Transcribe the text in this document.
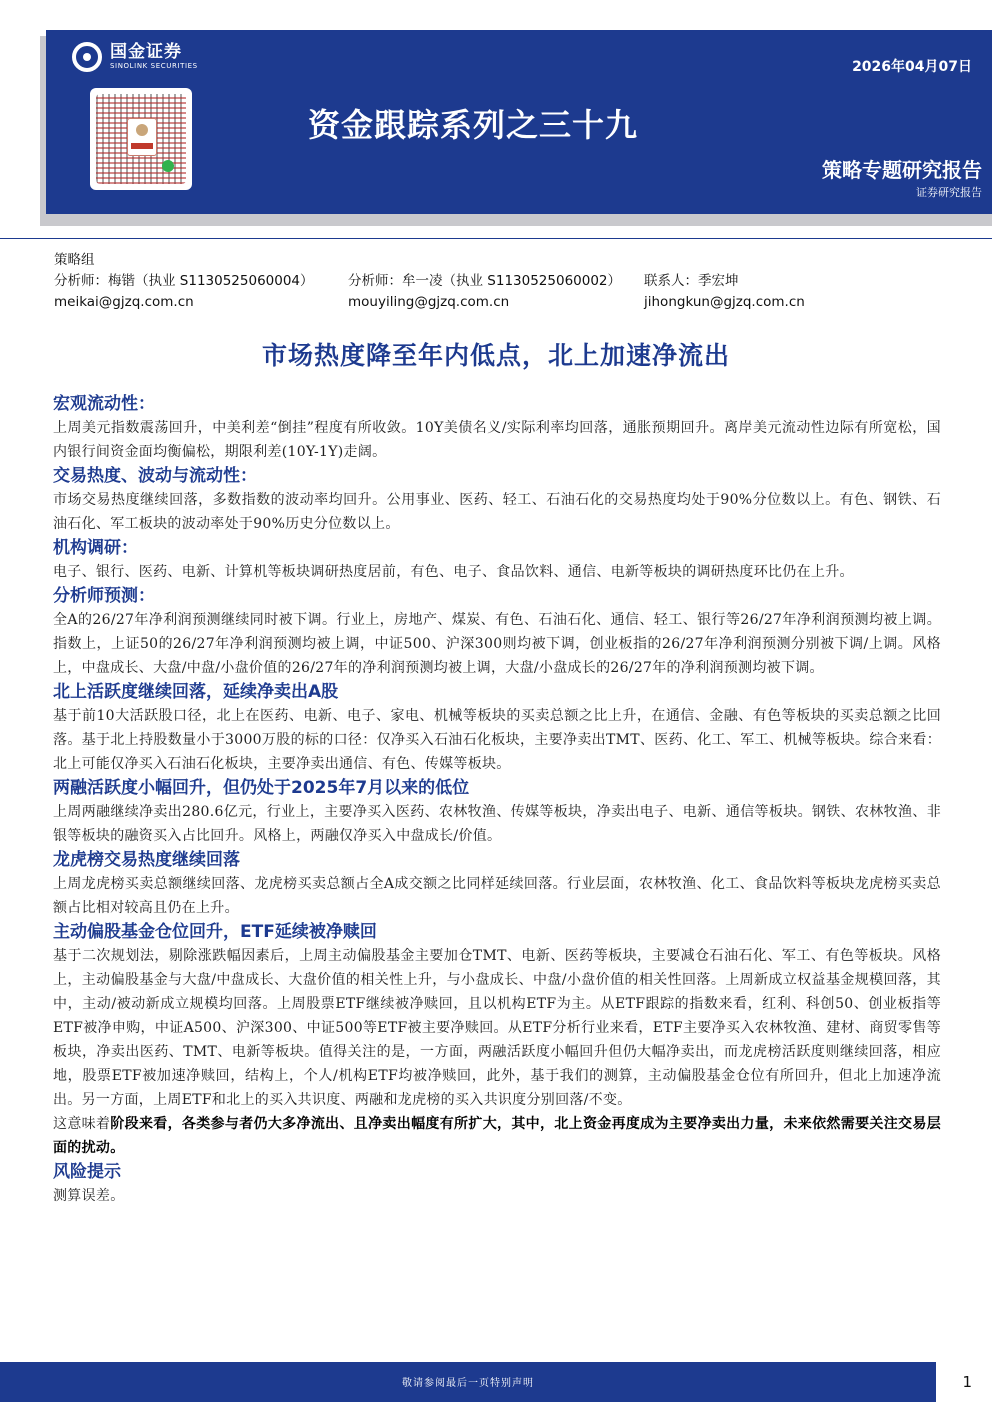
国金证券
SINOLINK SECURITIES	2026年04月07日
资金跟踪系列之三十九
策略专题研究报告
证券研究报告
策略组
分析师：梅锴（执业 S1130525060004）	分析师：牟一凌（执业 S1130525060002）	联系人：季宏坤
meikai@gjzq.com.cn	mouyiling@gjzq.com.cn	jihongkun@gjzq.com.cn
市场热度降至年内低点，北上加速净流出
宏观流动性：
上周美元指数震荡回升，中美利差“倒挂”程度有所收敛。10Y美债名义/实际利率均回落，通胀预期回升。离岸美元流动性边际有所宽松，国内银行间资金面均衡偏松，期限利差(10Y-1Y)走阔。
交易热度、波动与流动性：
市场交易热度继续回落，多数指数的波动率均回升。公用事业、医药、轻工、石油石化的交易热度均处于90%分位数以上。有色、钢铁、石油石化、军工板块的波动率处于90%历史分位数以上。
机构调研：
电子、银行、医药、电新、计算机等板块调研热度居前，有色、电子、食品饮料、通信、电新等板块的调研热度环比仍在上升。
分析师预测：
全A的26/27年净利润预测继续同时被下调。行业上，房地产、煤炭、有色、石油石化、通信、轻工、银行等26/27年净利润预测均被上调。指数上，上证50的26/27年净利润预测均被上调，中证500、沪深300则均被下调，创业板指的26/27年净利润预测分别被下调/上调。风格上，中盘成长、大盘/中盘/小盘价值的26/27年的净利润预测均被上调，大盘/小盘成长的26/27年的净利润预测均被下调。
北上活跃度继续回落，延续净卖出A股
基于前10大活跃股口径，北上在医药、电新、电子、家电、机械等板块的买卖总额之比上升，在通信、金融、有色等板块的买卖总额之比回落。基于北上持股数量小于3000万股的标的口径：仅净买入石油石化板块，主要净卖出TMT、医药、化工、军工、机械等板块。综合来看：北上可能仅净买入石油石化板块，主要净卖出通信、有色、传媒等板块。
两融活跃度小幅回升，但仍处于2025年7月以来的低位
上周两融继续净卖出280.6亿元，行业上，主要净买入医药、农林牧渔、传媒等板块，净卖出电子、电新、通信等板块。钢铁、农林牧渔、非银等板块的融资买入占比回升。风格上，两融仅净买入中盘成长/价值。
龙虎榜交易热度继续回落
上周龙虎榜买卖总额继续回落、龙虎榜买卖总额占全A成交额之比同样延续回落。行业层面，农林牧渔、化工、食品饮料等板块龙虎榜买卖总额占比相对较高且仍在上升。
主动偏股基金仓位回升，ETF延续被净赎回
基于二次规划法，剔除涨跌幅因素后，上周主动偏股基金主要加仓TMT、电新、医药等板块，主要减仓石油石化、军工、有色等板块。风格上，主动偏股基金与大盘/中盘成长、大盘价值的相关性上升，与小盘成长、中盘/小盘价值的相关性回落。上周新成立权益基金规模回落，其中，主动/被动新成立规模均回落。上周股票ETF继续被净赎回，且以机构ETF为主。从ETF跟踪的指数来看，红利、科创50、创业板指等ETF被净申购，中证A500、沪深300、中证500等ETF被主要净赎回。从ETF分析行业来看，ETF主要净买入农林牧渔、建材、商贸零售等板块，净卖出医药、TMT、电新等板块。值得关注的是，一方面，两融活跃度小幅回升但仍大幅净卖出，而龙虎榜活跃度则继续回落，相应地，股票ETF被加速净赎回，结构上，个人/机构ETF均被净赎回，此外，基于我们的测算，主动偏股基金仓位有所回升，但北上加速净流出。另一方面，上周ETF和北上的买入共识度、两融和龙虎榜的买入共识度分别回落/不变。
这意味着阶段来看，各类参与者仍大多净流出、且净卖出幅度有所扩大，其中，北上资金再度成为主要净卖出力量，未来依然需要关注交易层面的扰动。
风险提示
测算误差。
敬请参阅最后一页特别声明	1
